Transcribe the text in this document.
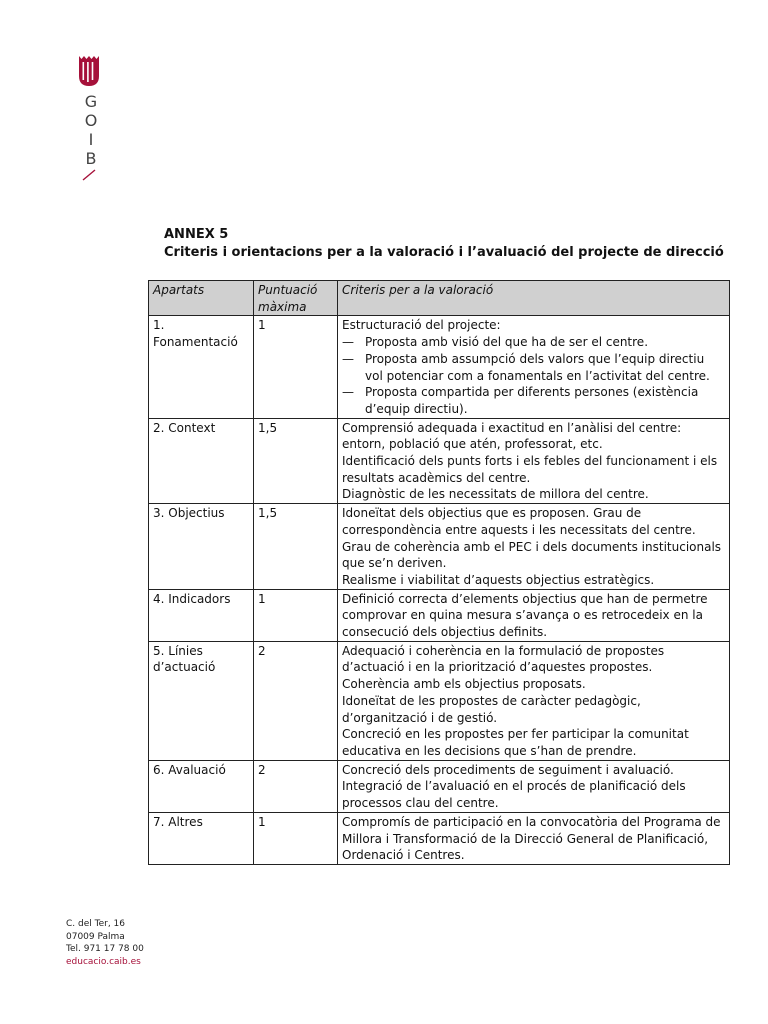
G
O
I
B
ANNEX 5
Criteris i orientacions per a la valoració i l’avaluació del projecte de direcció
Apartats	Puntuació màxima	Criteris per a la valoració
1. Fonamentació	1	Estructuració del projecte:
— Proposta amb visió del que ha de ser el centre.
— Proposta amb assumpció dels valors que l’equip directiu vol potenciar com a fonamentals en l’activitat del centre.
— Proposta compartida per diferents persones (existència d’equip directiu).

2. Context	1,5	Comprensió adequada i exactitud en l’anàlisi del centre: entorn, població que atén, professorat, etc.
Identificació dels punts forts i els febles del funcionament i els resultats acadèmics del centre.
Diagnòstic de les necessitats de millora del centre.

3. Objectius	1,5	Idoneïtat dels objectius que es proposen. Grau de correspondència entre aquests i les necessitats del centre.
Grau de coherència amb el PEC i dels documents institucionals que se’n deriven.
Realisme i viabilitat d’aquests objectius estratègics.

4. Indicadors	1	Definició correcta d’elements objectius que han de permetre comprovar en quina mesura s’avança o es retrocedeix en la consecució dels objectius definits.

5. Línies d’actuació	2	Adequació i coherència en la formulació de propostes d’actuació i en la priorització d’aquestes propostes.
Coherència amb els objectius proposats.
Idoneïtat de les propostes de caràcter pedagògic, d’organització i de gestió.
Concreció en les propostes per fer participar la comunitat educativa en les decisions que s’han de prendre.

6. Avaluació	2	Concreció dels procediments de seguiment i avaluació.
Integració de l’avaluació en el procés de planificació dels processos clau del centre.

7. Altres	1	Compromís de participació en la convocatòria del Programa de Millora i Transformació de la Direcció General de Planificació, Ordenació i Centres.
C. del Ter, 16
07009 Palma
Tel. 971 17 78 00
educacio.caib.es
